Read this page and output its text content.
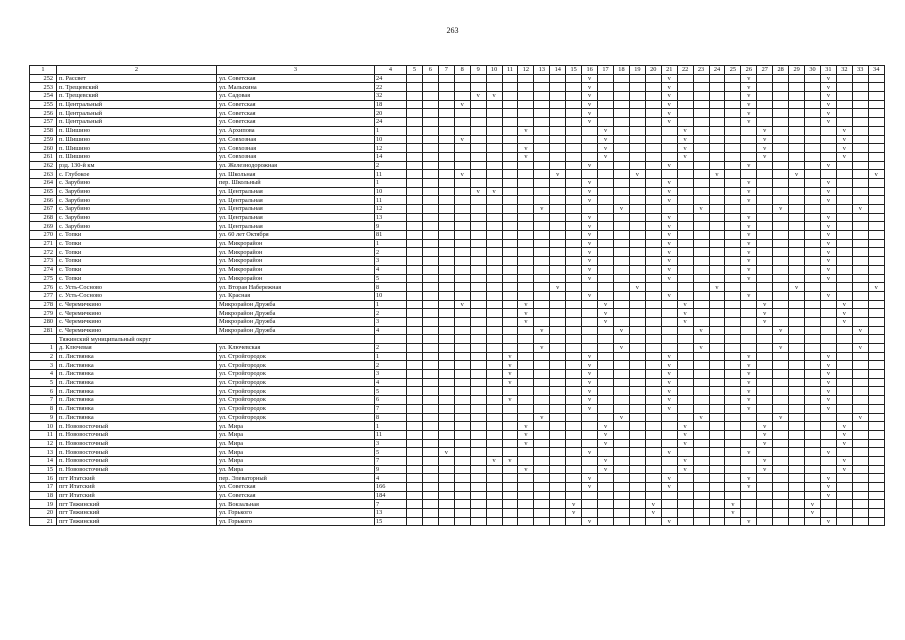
263
1	2	3	4	5	6	7	8	9	10	11	12	13	14	15	16	17	18	19	20	21	22	23	24	25	26	27	28	29	30	31	32	33	34
252	п. Рассвет	ул. Советская	24												v					v					v					v			
253	п. Трещевский	ул. Малыхина	22												v					v					v					v			
254	п. Трещевский	ул. Садовая	32					v	v						v					v					v					v			
255	п. Центральный	ул. Советская	18				v								v					v					v					v			
256	п. Центральный	ул. Советская	20												v					v					v					v			
257	п. Центральный	ул. Советская	24												v					v					v					v			
258	п. Шишино	ул. Архипова	1								v					v					v					v					v		
259	п. Шишино	ул. Совхозная	10				v									v					v					v					v		
260	п. Шишино	ул. Совхозная	12								v					v					v					v					v		
261	п. Шишино	ул. Совхозная	14								v					v					v					v					v		
262	рзд. 130-й км	ул. Железнодорожная	2												v					v					v					v			
263	с. Глубокое	ул. Школьная	11				v						v					v					v					v					v
264	с. Зарубино	пер. Школьный	1												v					v					v					v			
265	с. Зарубино	ул. Центральная	10					v	v						v					v					v					v			
266	с. Зарубино	ул. Центральная	11												v					v					v					v			
267	с. Зарубино	ул. Центральная	12									v					v					v					v					v	
268	с. Зарубино	ул. Центральная	13												v					v					v					v			
269	с. Зарубино	ул. Центральная	9												v					v					v					v			
270	с. Топки	ул. 60 лет Октября	81												v					v					v					v			
271	с. Топки	ул. Микрорайон	1												v					v					v					v			
272	с. Топки	ул. Микрорайон	2												v					v					v					v			
273	с. Топки	ул. Микрорайон	3												v					v					v					v			
274	с. Топки	ул. Микрорайон	4												v					v					v					v			
275	с. Топки	ул. Микрорайон	5												v					v					v					v			
276	с. Усть-Сосново	ул. Вторая Набережная	8										v					v					v					v					v
277	с. Усть-Сосново	ул. Красная	10												v					v					v					v			
278	с. Черемичкино	Микрорайон Дружба	1				v				v					v					v					v					v		
279	с. Черемичкино	Микрорайон Дружба	2								v					v					v					v					v		
280	с. Черемичкино	Микрорайон Дружба	3								v					v					v					v					v		
281	с. Черемичкино	Микрорайон Дружба	4									v					v					v					v					v	
	Тяжинский муниципальный округ																																
1	д. Ключевая	ул. Ключевская	2									v					v					v					v					v	
2	п. Листвянка	ул. Стройгородок	1							v					v					v					v					v			
3	п. Листвянка	ул. Стройгородок	2							v					v					v					v					v			
4	п. Листвянка	ул. Стройгородок	3							v					v					v					v					v			
5	п. Листвянка	ул. Стройгородок	4							v					v					v					v					v			
6	п. Листвянка	ул. Стройгородок	5												v					v					v					v			
7	п. Листвянка	ул. Стройгородок	6							v					v					v					v					v			
8	п. Листвянка	ул. Стройгородок	7												v					v					v					v			
9	п. Листвянка	ул. Стройгородок	8									v					v					v					v					v	
10	п. Нововосточный	ул. Мира	1								v					v					v					v					v		
11	п. Нововосточный	ул. Мира	11								v					v					v					v					v		
12	п. Нововосточный	ул. Мира	3								v					v					v					v					v		
13	п. Нововосточный	ул. Мира	5			v									v					v					v					v			
14	п. Нововосточный	ул. Мира	7						v	v						v					v					v					v		
15	п. Нововосточный	ул. Мира	9								v					v					v					v					v		
16	пгт Итатский	пер. Элеваторный	4												v					v					v					v			
17	пгт Итатский	ул. Советская	166												v					v					v					v			
18	пгт Итатский	ул. Советская	184																											v			
19	пгт Тяжинский	ул. Вокзальная	7											v					v					v					v				
20	пгт Тяжинский	ул. Горького	13											v					v					v					v				
21	пгт Тяжинский	ул. Горького	15												v					v					v					v			
